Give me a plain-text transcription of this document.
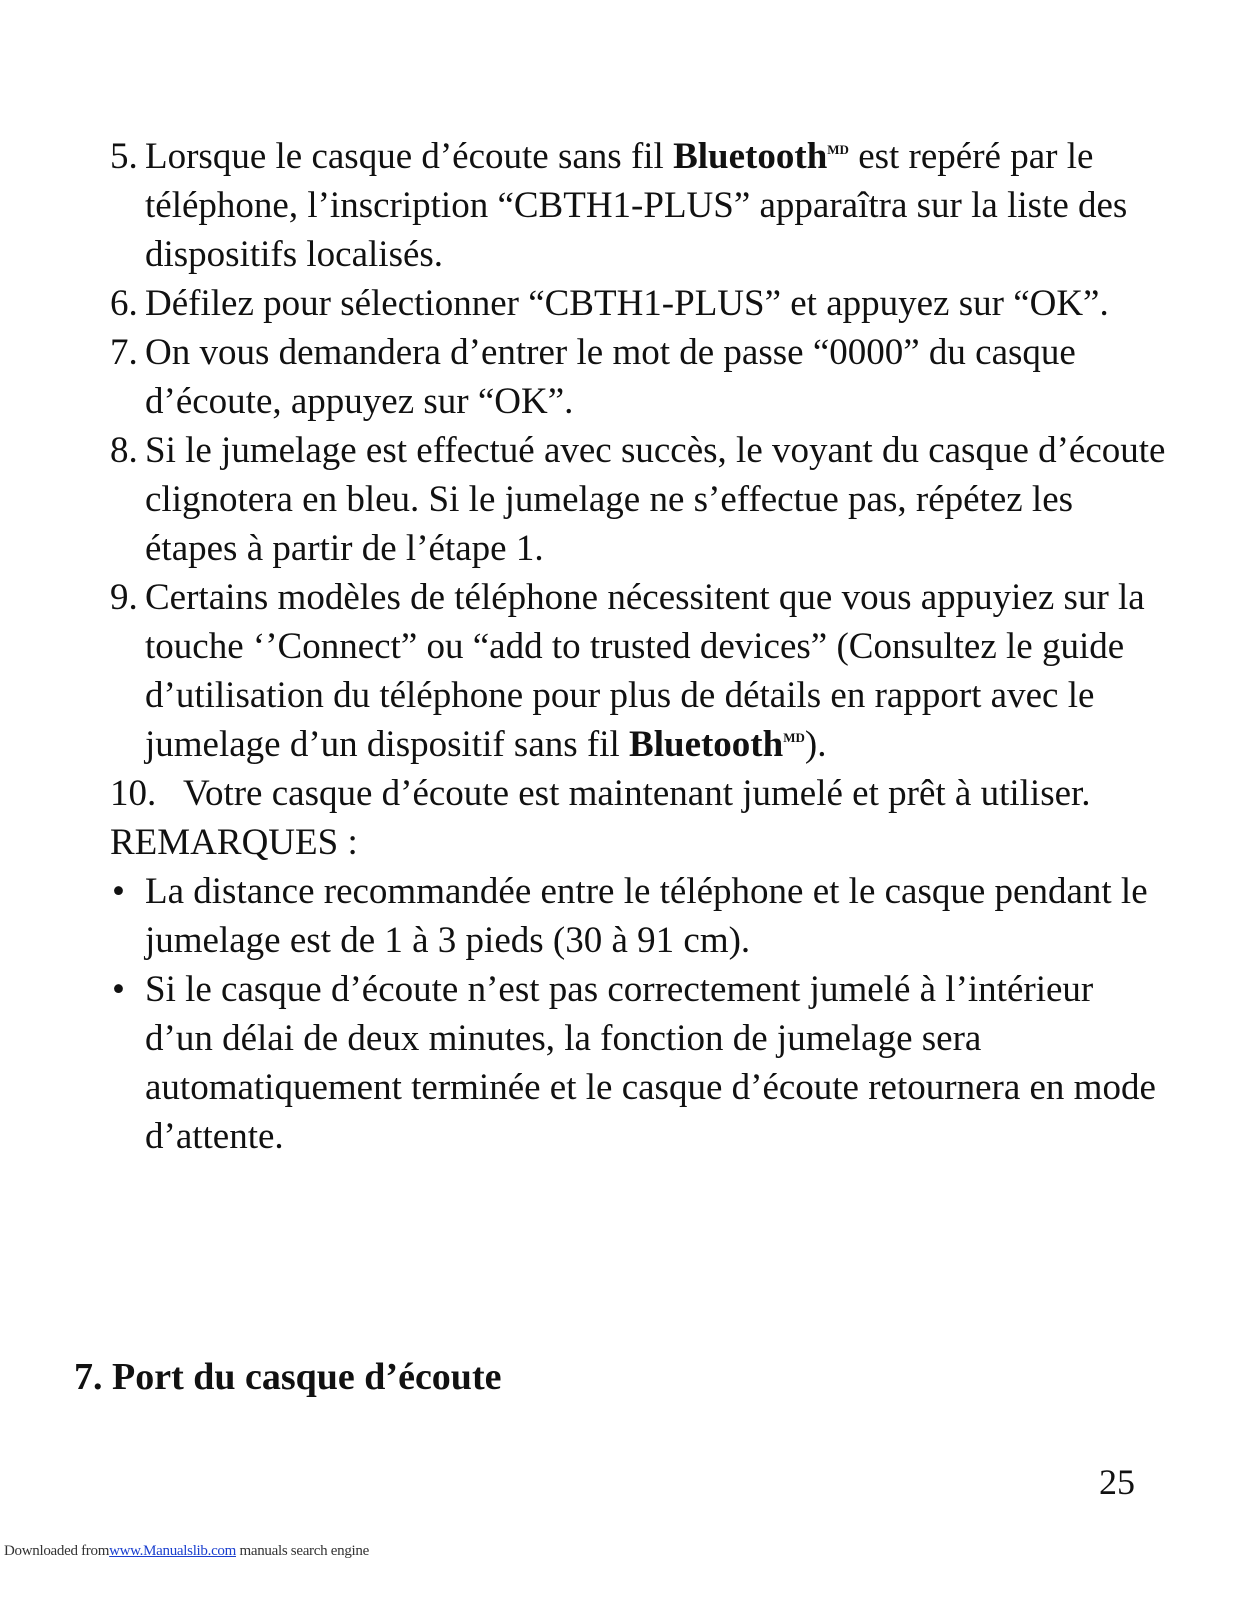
5. Lorsque le casque d’écoute sans fil Bluetooth$^{MD}$ est repéré par le téléphone, l’inscription “CBTH1-PLUS” apparaîtra sur la liste des dispositifs localisés.
6. Défilez pour sélectionner “CBTH1-PLUS” et appuyez sur “OK”.
7. On vous demandera d’entrer le mot de passe “0000” du casque d’écoute, appuyez sur “OK”.
8. Si le jumelage est effectué avec succès, le voyant du casque d’écoute clignotera en bleu. Si le jumelage ne s’effectue pas, répétez les étapes à partir de l’étape 1.
9. Certains modèles de téléphone nécessitent que vous appuyiez sur la touche ‘’Connect” ou “add to trusted devices” (Consultez le guide d’utilisation du téléphone pour plus de détails en rapport avec le jumelage d’un dispositif sans fil Bluetooth$^{MD}$).
10. Votre casque d’écoute est maintenant jumelé et prêt à utiliser.
REMARQUES :
• La distance recommandée entre le téléphone et le casque pendant le jumelage est de 1 à 3 pieds (30 à 91 cm).
• Si le casque d’écoute n’est pas correctement jumelé à l’intérieur d’un délai de deux minutes, la fonction de jumelage sera automatiquement terminée et le casque d’écoute retournera en mode d’attente.
7. Port du casque d’écoute
25
Downloaded fromwww.Manualslib.com manuals search engine
